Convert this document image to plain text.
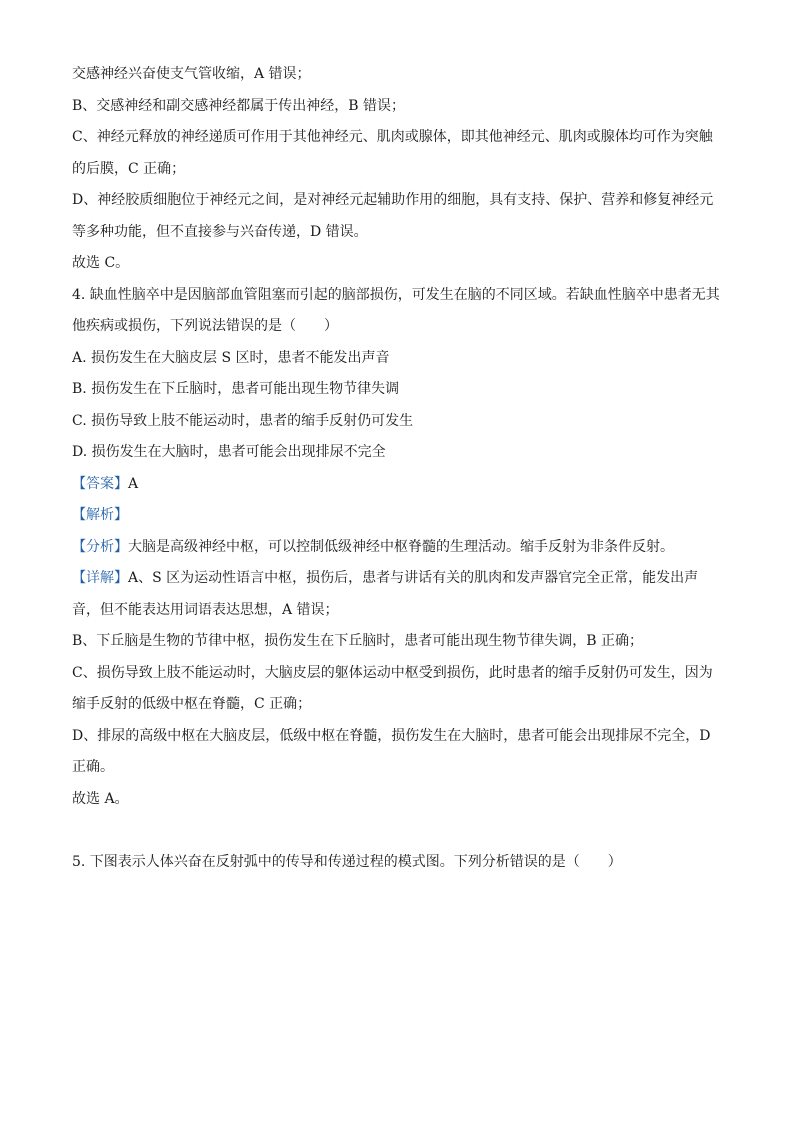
交感神经兴奋使支气管收缩，A 错误；
B、交感神经和副交感神经都属于传出神经，B 错误；
C、神经元释放的神经递质可作用于其他神经元、肌肉或腺体，即其他神经元、肌肉或腺体均可作为突触
的后膜，C 正确；
D、神经胶质细胞位于神经元之间，是对神经元起辅助作用的细胞，具有支持、保护、营养和修复神经元
等多种功能，但不直接参与兴奋传递，D 错误。
故选 C。
4. 缺血性脑卒中是因脑部血管阻塞而引起的脑部损伤，可发生在脑的不同区域。若缺血性脑卒中患者无其
他疾病或损伤，下列说法错误的是（　　）
A. 损伤发生在大脑皮层 S 区时，患者不能发出声音
B. 损伤发生在下丘脑时，患者可能出现生物节律失调
C. 损伤导致上肢不能运动时，患者的缩手反射仍可发生
D. 损伤发生在大脑时，患者可能会出现排尿不完全
【答案】A
【解析】
【分析】大脑是高级神经中枢，可以控制低级神经中枢脊髓的生理活动。缩手反射为非条件反射。
【详解】A、S 区为运动性语言中枢，损伤后，患者与讲话有关的肌肉和发声器官完全正常，能发出声
音，但不能表达用词语表达思想，A 错误；
B、下丘脑是生物的节律中枢，损伤发生在下丘脑时，患者可能出现生物节律失调，B 正确；
C、损伤导致上肢不能运动时，大脑皮层的躯体运动中枢受到损伤，此时患者的缩手反射仍可发生，因为
缩手反射的低级中枢在脊髓，C 正确；
D、排尿的高级中枢在大脑皮层，低级中枢在脊髓，损伤发生在大脑时，患者可能会出现排尿不完全，D
正确。
故选 A。
5. 下图表示人体兴奋在反射弧中的传导和传递过程的模式图。下列分析错误的是（　　）
